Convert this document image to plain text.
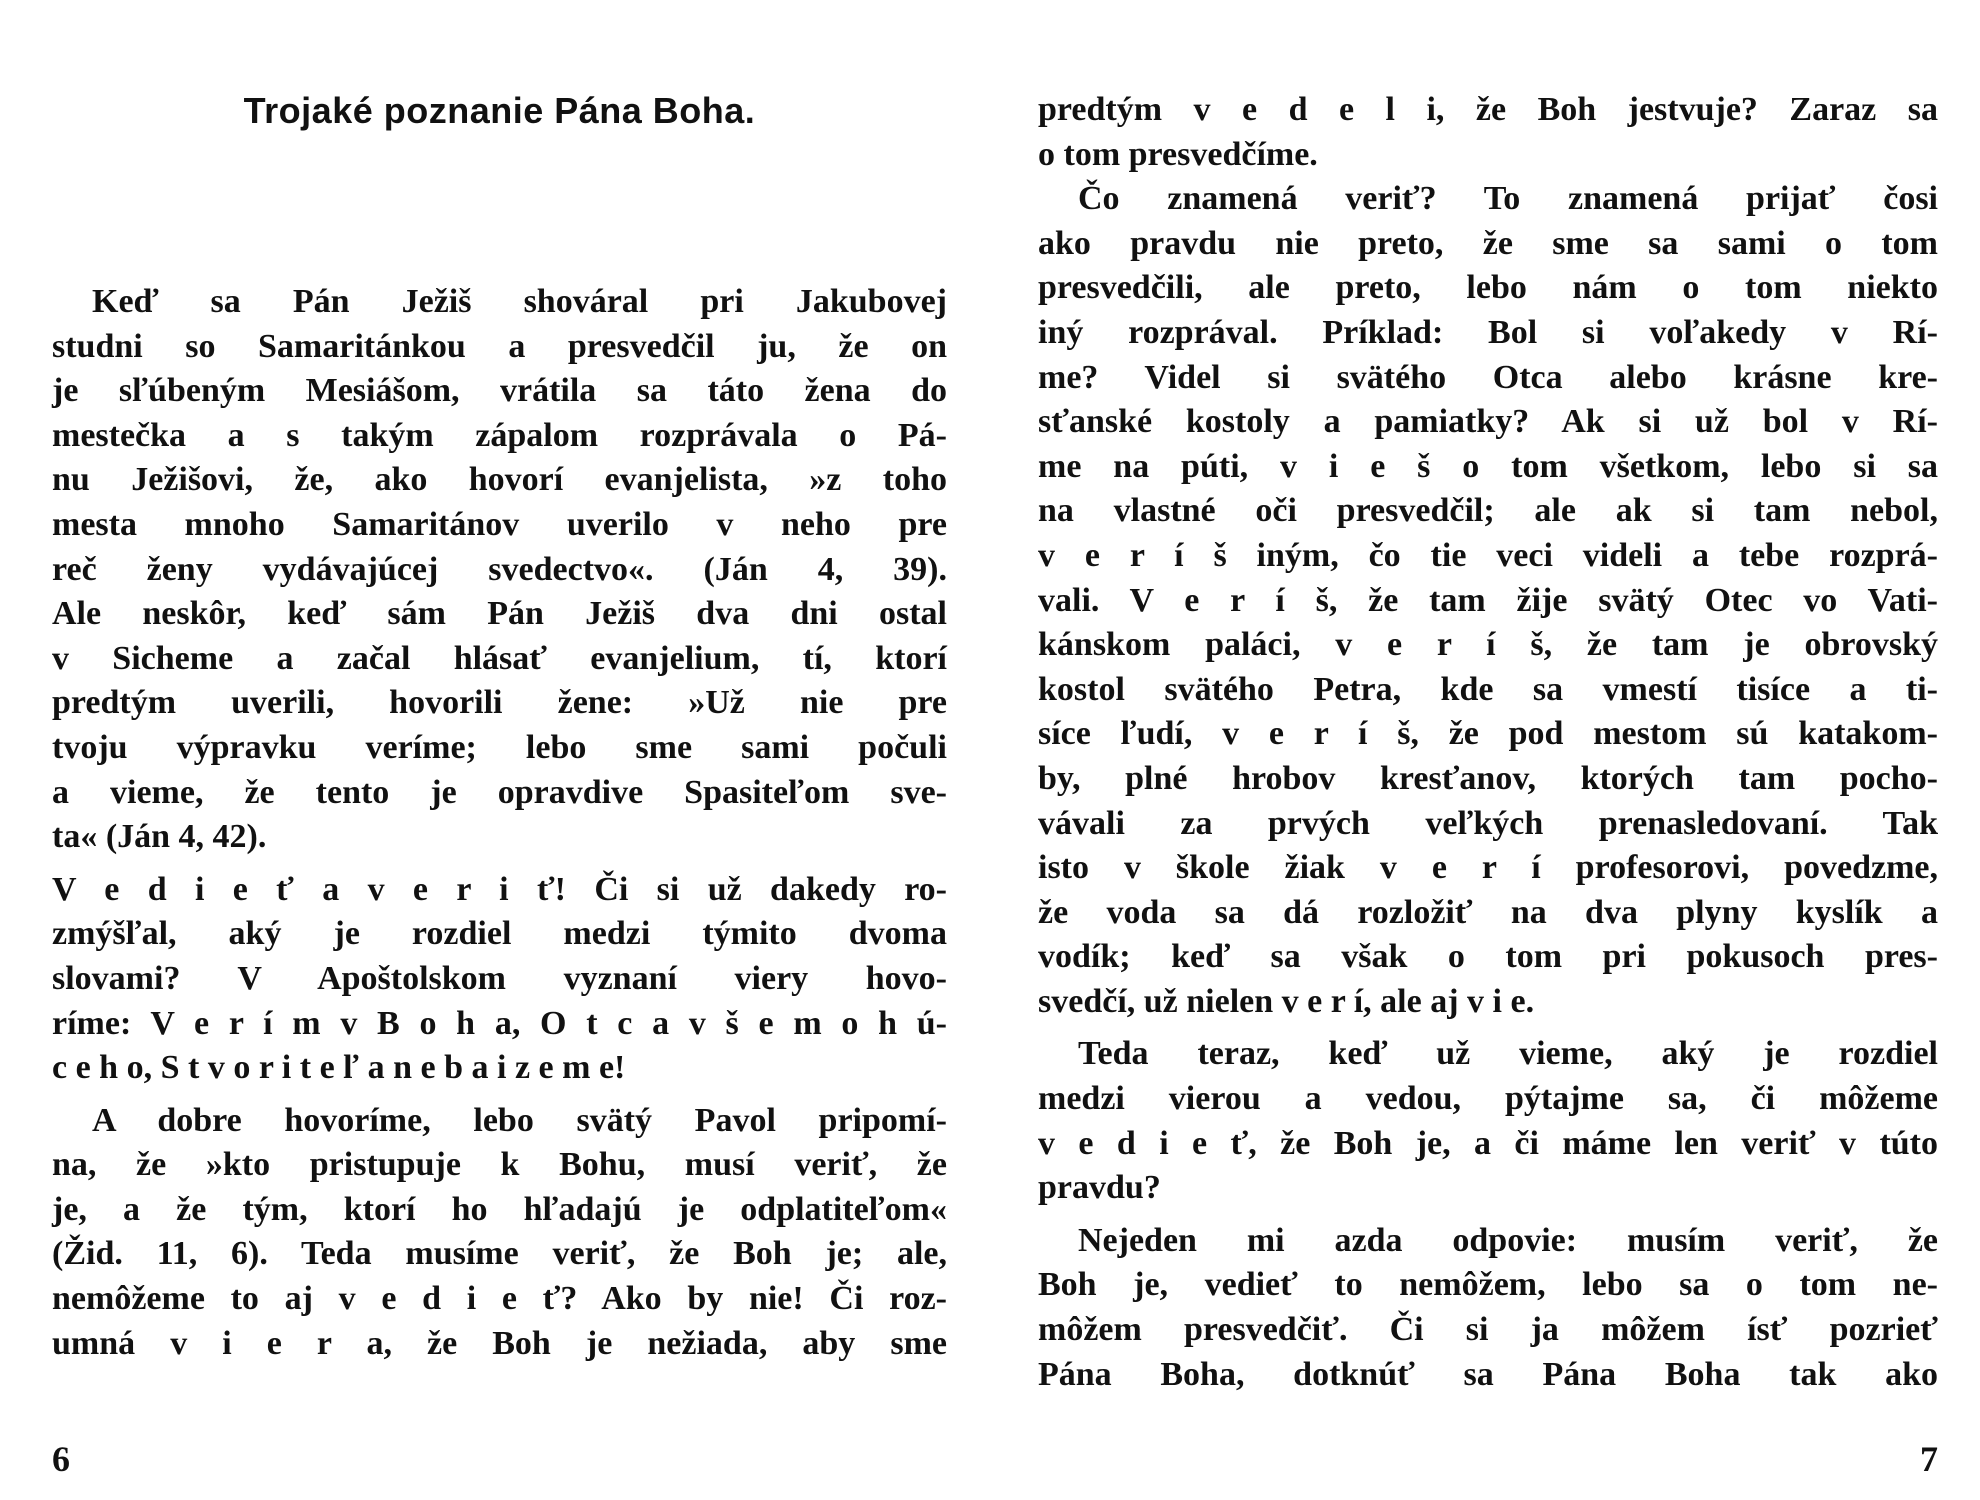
Trojaké poznanie Pána Boha.
Keď sa Pán Ježiš shováral pri Jakubovej
studni so Samaritánkou a presvedčil ju, že on
je sľúbeným Mesiášom, vrátila sa táto žena do
mestečka a s takým zápalom rozprávala o Pá-
nu Ježišovi, že, ako hovorí evanjelista, »z toho
mesta mnoho Samaritánov uverilo v neho pre
reč ženy vydávajúcej svedectvo«. (Ján 4, 39).
Ale neskôr, keď sám Pán Ježiš dva dni ostal
v Sicheme a začal hlásať evanjelium, tí, ktorí
predtým uverili, hovorili žene: »Už nie pre
tvoju výpravku veríme; lebo sme sami počuli
a vieme, že tento je opravdive Spasiteľom sve-
ta« (Ján 4, 42).
V e d i e ť a v e r i ť! Či si už dakedy ro-
zmýšľal, aký je rozdiel medzi týmito dvoma
slovami? V Apoštolskom vyznaní viery hovo-
ríme: V e r í m v B o h a, O t c a v š e m o h ú-
c e h o, S t v o r i t e ľ a n e b a i z e m e!
A dobre hovoríme, lebo svätý Pavol pripomí-
na, že »kto pristupuje k Bohu, musí veriť, že
je, a že tým, ktorí ho hľadajú je odplatiteľom«
(Žid. 11, 6). Teda musíme veriť, že Boh je; ale,
nemôžeme to aj v e d i e ť? Ako by nie! Či roz-
umná v i e r a, že Boh je nežiada, aby sme
6
predtým v e d e l i, že Boh jestvuje? Zaraz sa
o tom presvedčíme.
Čo znamená veriť? To znamená prijať čosi
ako pravdu nie preto, že sme sa sami o tom
presvedčili, ale preto, lebo nám o tom niekto
iný rozprával. Príklad: Bol si voľakedy v Rí-
me? Videl si svätého Otca alebo krásne kre-
sťanské kostoly a pamiatky? Ak si už bol v Rí-
me na púti, v i e š o tom všetkom, lebo si sa
na vlastné oči presvedčil; ale ak si tam nebol,
v e r í š iným, čo tie veci videli a tebe rozprá-
vali. V e r í š, že tam žije svätý Otec vo Vati-
kánskom paláci, v e r í š, že tam je obrovský
kostol svätého Petra, kde sa vmestí tisíce a ti-
síce ľudí, v e r í š, že pod mestom sú katakom-
by, plné hrobov kresťanov, ktorých tam pocho-
vávali za prvých veľkých prenasledovaní. Tak
isto v škole žiak v e r í profesorovi, povedzme,
že voda sa dá rozložiť na dva plyny kyslík a
vodík; keď sa však o tom pri pokusoch pres-
svedčí, už nielen v e r í, ale aj v i e.
Teda teraz, keď už vieme, aký je rozdiel
medzi vierou a vedou, pýtajme sa, či môžeme
v e d i e ť, že Boh je, a či máme len veriť v túto
pravdu?
Nejeden mi azda odpovie: musím veriť, že
Boh je, vedieť to nemôžem, lebo sa o tom ne-
môžem presvedčiť. Či si ja môžem ísť pozrieť
Pána Boha, dotknúť sa Pána Boha tak ako
7
